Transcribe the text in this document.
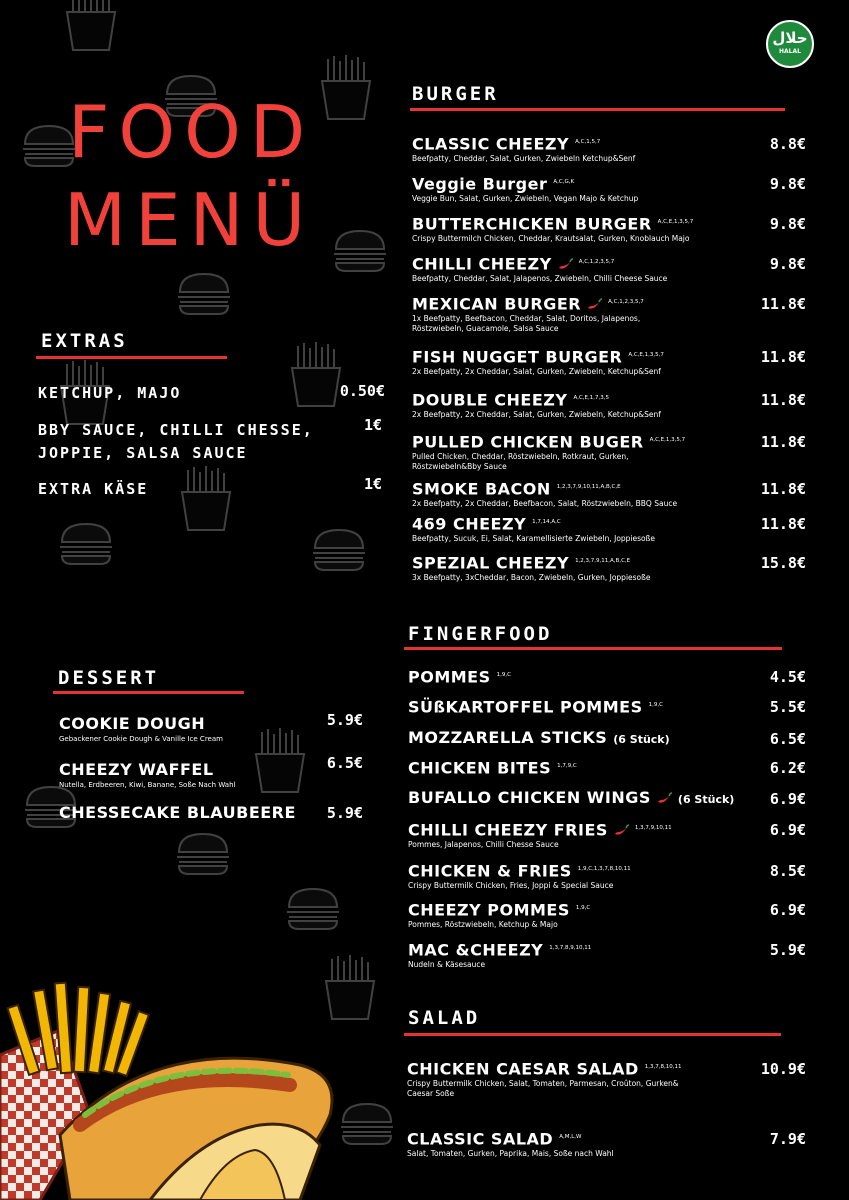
حلال
HALAL
FOOD
MENÜ
EXTRAS
KETCHUP, MAJO	0.50€
BBY SAUCE, CHILLI CHESSE,
JOPPIE, SALSA SAUCE
1€
EXTRA KÄSE	1€
DESSERT
COOKIE DOUGH
Gebackener Cookie Dough & Vanille Ice Cream
5.9€
CHEEZY WAFFEL
Nutella, Erdbeeren, Kiwi, Banane, Soße Nach Wahl
6.5€
CHESSECAKE BLAUBEERE 5.9€
BURGER
CLASSIC CHEEZY $^{A,C,1,5,7}$
Beefpatty, Cheddar, Salat, Gurken, Zwiebeln Ketchup&Senf
8.8€
Veggie Burger $^{A,C,G,K}$
Veggie Bun, Salat, Gurken, Zwiebeln, Vegan Majo & Ketchup
9.8€
BUTTERCHICKEN BURGER $^{A,C,E,1,3,5,7}$
Crispy Buttermilch Chicken, Cheddar, Krautsalat, Gurken, Knoblauch Majo
9.8€
CHILLI CHEEZY	$^{A,C,1,2,3,5,7}$
Beefpatty, Cheddar, Salat, Jalapenos, Zwiebeln, Chilli Cheese Sauce
9.8€
MEXICAN BURGER	$^{A,C,1,2,3,5,7}$
1x Beefpatty, Beefbacon, Cheddar, Salat, Doritos, Jalapenos,
Röstzwiebeln, Guacamole, Salsa Sauce
11.8€
FISH NUGGET BURGER $^{A,C,E,1,3,5,7}$
2x Beefpatty, 2x Cheddar, Salat, Gurken, Zwiebeln, Ketchup&Senf
11.8€
DOUBLE CHEEZY $^{A,C,E,1,7,3,5}$
2x Beefpatty, 2x Cheddar, Salat, Gurken, Zwiebeln, Ketchup&Senf
11.8€
PULLED CHICKEN BUGER $^{A,C,E,1,3,5,7}$
Pulled Chicken, Cheddar, Röstzwiebeln, Rotkraut, Gurken,
Röstzwiebeln&Bby Sauce
11.8€
SMOKE BACON $^{1,2,3,7,9,10,11,A,B,C,E}$
2x Beefpatty, 2x Cheddar, Beefbacon, Salat, Röstzwiebeln, BBQ Sauce
11.8€
469 CHEEZY $^{1,7,14,A,C}$
Beefpatty, Sucuk, Ei, Salat, Karamellisierte Zwiebeln, Joppiesoße
11.8€
SPEZIAL CHEEZY $^{1,2,3,7,9,11,A,B,C,E}$
3x Beefpatty, 3xCheddar, Bacon, Zwiebeln, Gurken, Joppiesoße
15.8€
FINGERFOOD
POMMES $^{1,9,C}$	4.5€
SÜßKARTOFFEL POMMES $^{1,9,C}$	5.5€
MOZZARELLA STICKS (6 Stück)	6.5€
CHICKEN BITES $^{1,7,9,C}$	6.2€
BUFALLO CHICKEN WINGS (6 Stück) 6.9€
CHILLI CHEEZY FRIES	$^{1,3,7,9,10,11}$
Pommes, Jalapenos, Chilli Chesse Sauce
6.9€
CHICKEN & FRIES $^{1,9,C,1,3,7,8,10,11}$
Crispy Buttermilk Chicken, Fries, Joppi & Special Sauce
8.5€
CHEEZY POMMES $^{1,9,C}$
Pommes, Röstzwiebeln, Ketchup & Majo
6.9€
MAC &CHEEZY $^{1,3,7,8,9,10,11}$
Nudeln & Käsesauce
5.9€
SALAD
CHICKEN CAESAR SALAD $^{1,3,7,8,10,11}$
Crispy Buttermilk Chicken, Salat, Tomaten, Parmesan, Croûton, Gurken&
Caesar Soße
10.9€
CLASSIC SALAD $^{A,M,L,W}$
Salat, Tomaten, Gurken, Paprika, Mais, Soße nach Wahl
7.9€
